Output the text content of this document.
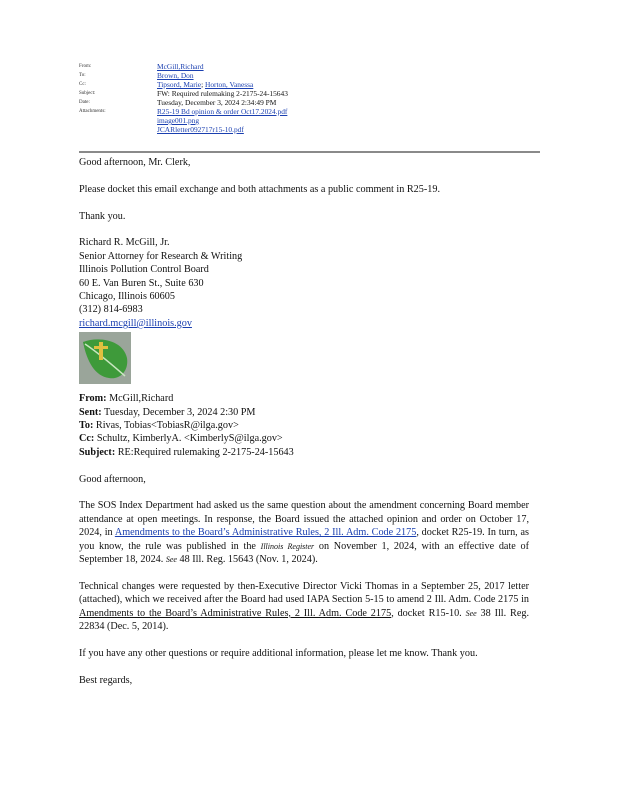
From:	McGill,Richard
To:	Brown, Don
Cc:	Tipsord, Marie; Horton, Vanessa
Subject:	FW: Required rulemaking 2-2175-24-15643
Date:	Tuesday, December 3, 2024 2:34:49 PM
Attachments:	R25-19 Bd opinion & order Oct17.2024.pdf
image001.png
JCARletter092717r15-10.pdf

Good afternoon, Mr. Clerk,

Please docket this email exchange and both attachments as a public comment in R25-19.

Thank you.

Richard R. McGill, Jr.

Senior Attorney for Research & Writing

Illinois Pollution Control Board

60 E. Van Buren St., Suite 630

Chicago, Illinois 60605

(312) 814-6983

richard.mcgill@illinois.gov

From: McGill,Richard

Sent: Tuesday, December 3, 2024 2:30 PM

To: Rivas, Tobias<TobiasR@ilga.gov>

Cc: Schultz, KimberlyA. <KimberlyS@ilga.gov>

Subject: RE:Required rulemaking 2-2175-24-15643

Good afternoon,

The SOS Index Department had asked us the same question about the amendment concerning Board member attendance at open meetings. In response, the Board issued the attached opinion and order on October 17, 2024, in Amendments to the Board’s Administrative Rules, 2 Ill. Adm. Code 2175, docket R25-19. In turn, as you know, the rule was published in the Illinois Register on November 1, 2024, with an effective date of September 18, 2024. See 48 Ill. Reg. 15643 (Nov. 1, 2024).

Technical changes were requested by then-Executive Director Vicki Thomas in a September 25, 2017 letter (attached), which we received after the Board had used IAPA Section 5-15 to amend 2 Ill. Adm. Code 2175 in Amendments to the Board’s Administrative Rules, 2 Ill. Adm. Code 2175, docket R15-10. See 38 Ill. Reg. 22834 (Dec. 5, 2014).

If you have any other questions or require additional information, please let me know. Thank you.

Best regards,
